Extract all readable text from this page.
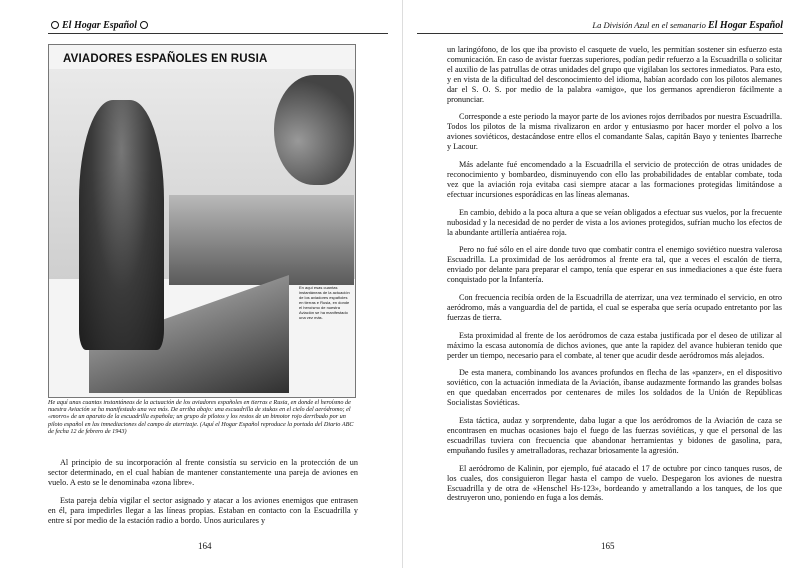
El Hogar Español
AVIADORES ESPAÑOLES EN RUSIA
En aquí esas cuantas instantáneas de la actuación de los aviadores españoles en tierras e Rusia, en donde el heroísmo de nuestra Aviación se ha manifestado una vez más.
He aquí unas cuantas instantáneas de la actuación de los aviadores españoles en tierras e Rusia, en donde el heroísmo de nuestra Aviación se ha manifestado una vez más. De arriba abajo: una escuadrilla de stukas en el cielo del aeródromo; el «morro» de un aparato de la escuadrilla española; un grupo de pilotos y los restos de un bimotor rojo derribado por un piloto español en las inmediaciones del campo de aterrizaje. (Aquí el Hogar Español reproduce la portada del Diario ABC de fecha 12 de febrero de 1943)

Al principio de su incorporación al frente consistía su servicio en la protección de un sector determinado, en el cual habían de mantener constantemente una pareja de aviones en vuelo. A esto se le denominaba «zona libre».

Esta pareja debía vigilar el sector asignado y atacar a los aviones enemigos que entrasen en él, para impedirles llegar a las líneas propias. Estaban en contacto con la Escuadrilla y entre sí por medio de la estación radio a bordo. Unos auriculares y

164
La División Azul en el semanario El Hogar Español

un laringófono, de los que iba provisto el casquete de vuelo, les permitían sostener sin esfuerzo esta comunicación. En caso de avistar fuerzas superiores, podían pedir refuerzo a la Escuadrilla o solicitar el auxilio de las patrullas de otras unidades del grupo que vigilaban los sectores inmediatos. Para esto, y en vista de la dificultad del desconocimiento del idioma, habían acordado con los pilotos alemanes dar el S. O. S. por medio de la palabra «amigo», que los germanos aprendieron fácilmente a pronunciar.

Corresponde a este periodo la mayor parte de los aviones rojos derribados por nuestra Escuadrilla. Todos los pilotos de la misma rivalizaron en ardor y entusiasmo por hacer morder el polvo a los aviones soviéticos, destacándose entre ellos el comandante Salas, capitán Bayo y tenientes Ibarreche y Lacour.

Más adelante fué encomendado a la Escuadrilla el servicio de protección de otras unidades de reconocimiento y bombardeo, disminuyendo con ello las probabilidades de entablar combate, toda vez que la aviación roja evitaba casi siempre atacar a las formaciones protegidas limitándose a efectuar incursiones esporádicas en las líneas alemanas.

En cambio, debido a la poca altura a que se veían obligados a efectuar sus vuelos, por la frecuente nubosidad y la necesidad de no perder de vista a los aviones protegidos, sufrían mucho los efectos de la abundante artillería antiaérea roja.

Pero no fué sólo en el aire donde tuvo que combatir contra el enemigo soviético nuestra valerosa Escuadrilla. La proximidad de los aeródromos al frente era tal, que a veces el escalón de tierra, enviado por delante para preparar el campo, tenía que esperar en sus inmediaciones a que éste fuera conquistado por la Infantería.

Con frecuencia recibía orden de la Escuadrilla de aterrizar, una vez terminado el servicio, en otro aeródromo, más a vanguardia del de partida, el cual se esperaba que sería ocupado entretanto por las fuerzas de tierra.

Esta proximidad al frente de los aeródromos de caza estaba justificada por el deseo de utilizar al máximo la escasa autonomía de dichos aviones, que ante la rapidez del avance hubieran tenido que perder un tiempo, necesario para el combate, al tener que acudir desde aeródromos más alejados.

De esta manera, combinando los avances profundos en flecha de las «panzer», en el dispositivo soviético, con la actuación inmediata de la Aviación, íbanse audazmente formando las grandes bolsas en que quedaban encerrados por centenares de miles los soldados de la Unión de Repúblicas Socialistas Soviéticas.

Esta táctica, audaz y sorprendente, daba lugar a que los aeródromos de la Aviación de caza se encontrasen en muchas ocasiones bajo el fuego de las fuerzas soviéticas, y que el personal de las escuadrillas tuviera con frecuencia que abandonar herramientas y bidones de gasolina, para, empuñando fusiles y ametralladoras, rechazar briosamente la agresión.

El aeródromo de Kalinin, por ejemplo, fué atacado el 17 de octubre por cinco tanques rusos, de los cuales, dos consiguieron llegar hasta el campo de vuelo. Despegaron los aviones de nuestra Escuadrilla y de otra de «Henschel Hs-123», bordeando y ametrallando a los tanques, de los que destruyeron uno, poniendo en fuga a los demás.

165
